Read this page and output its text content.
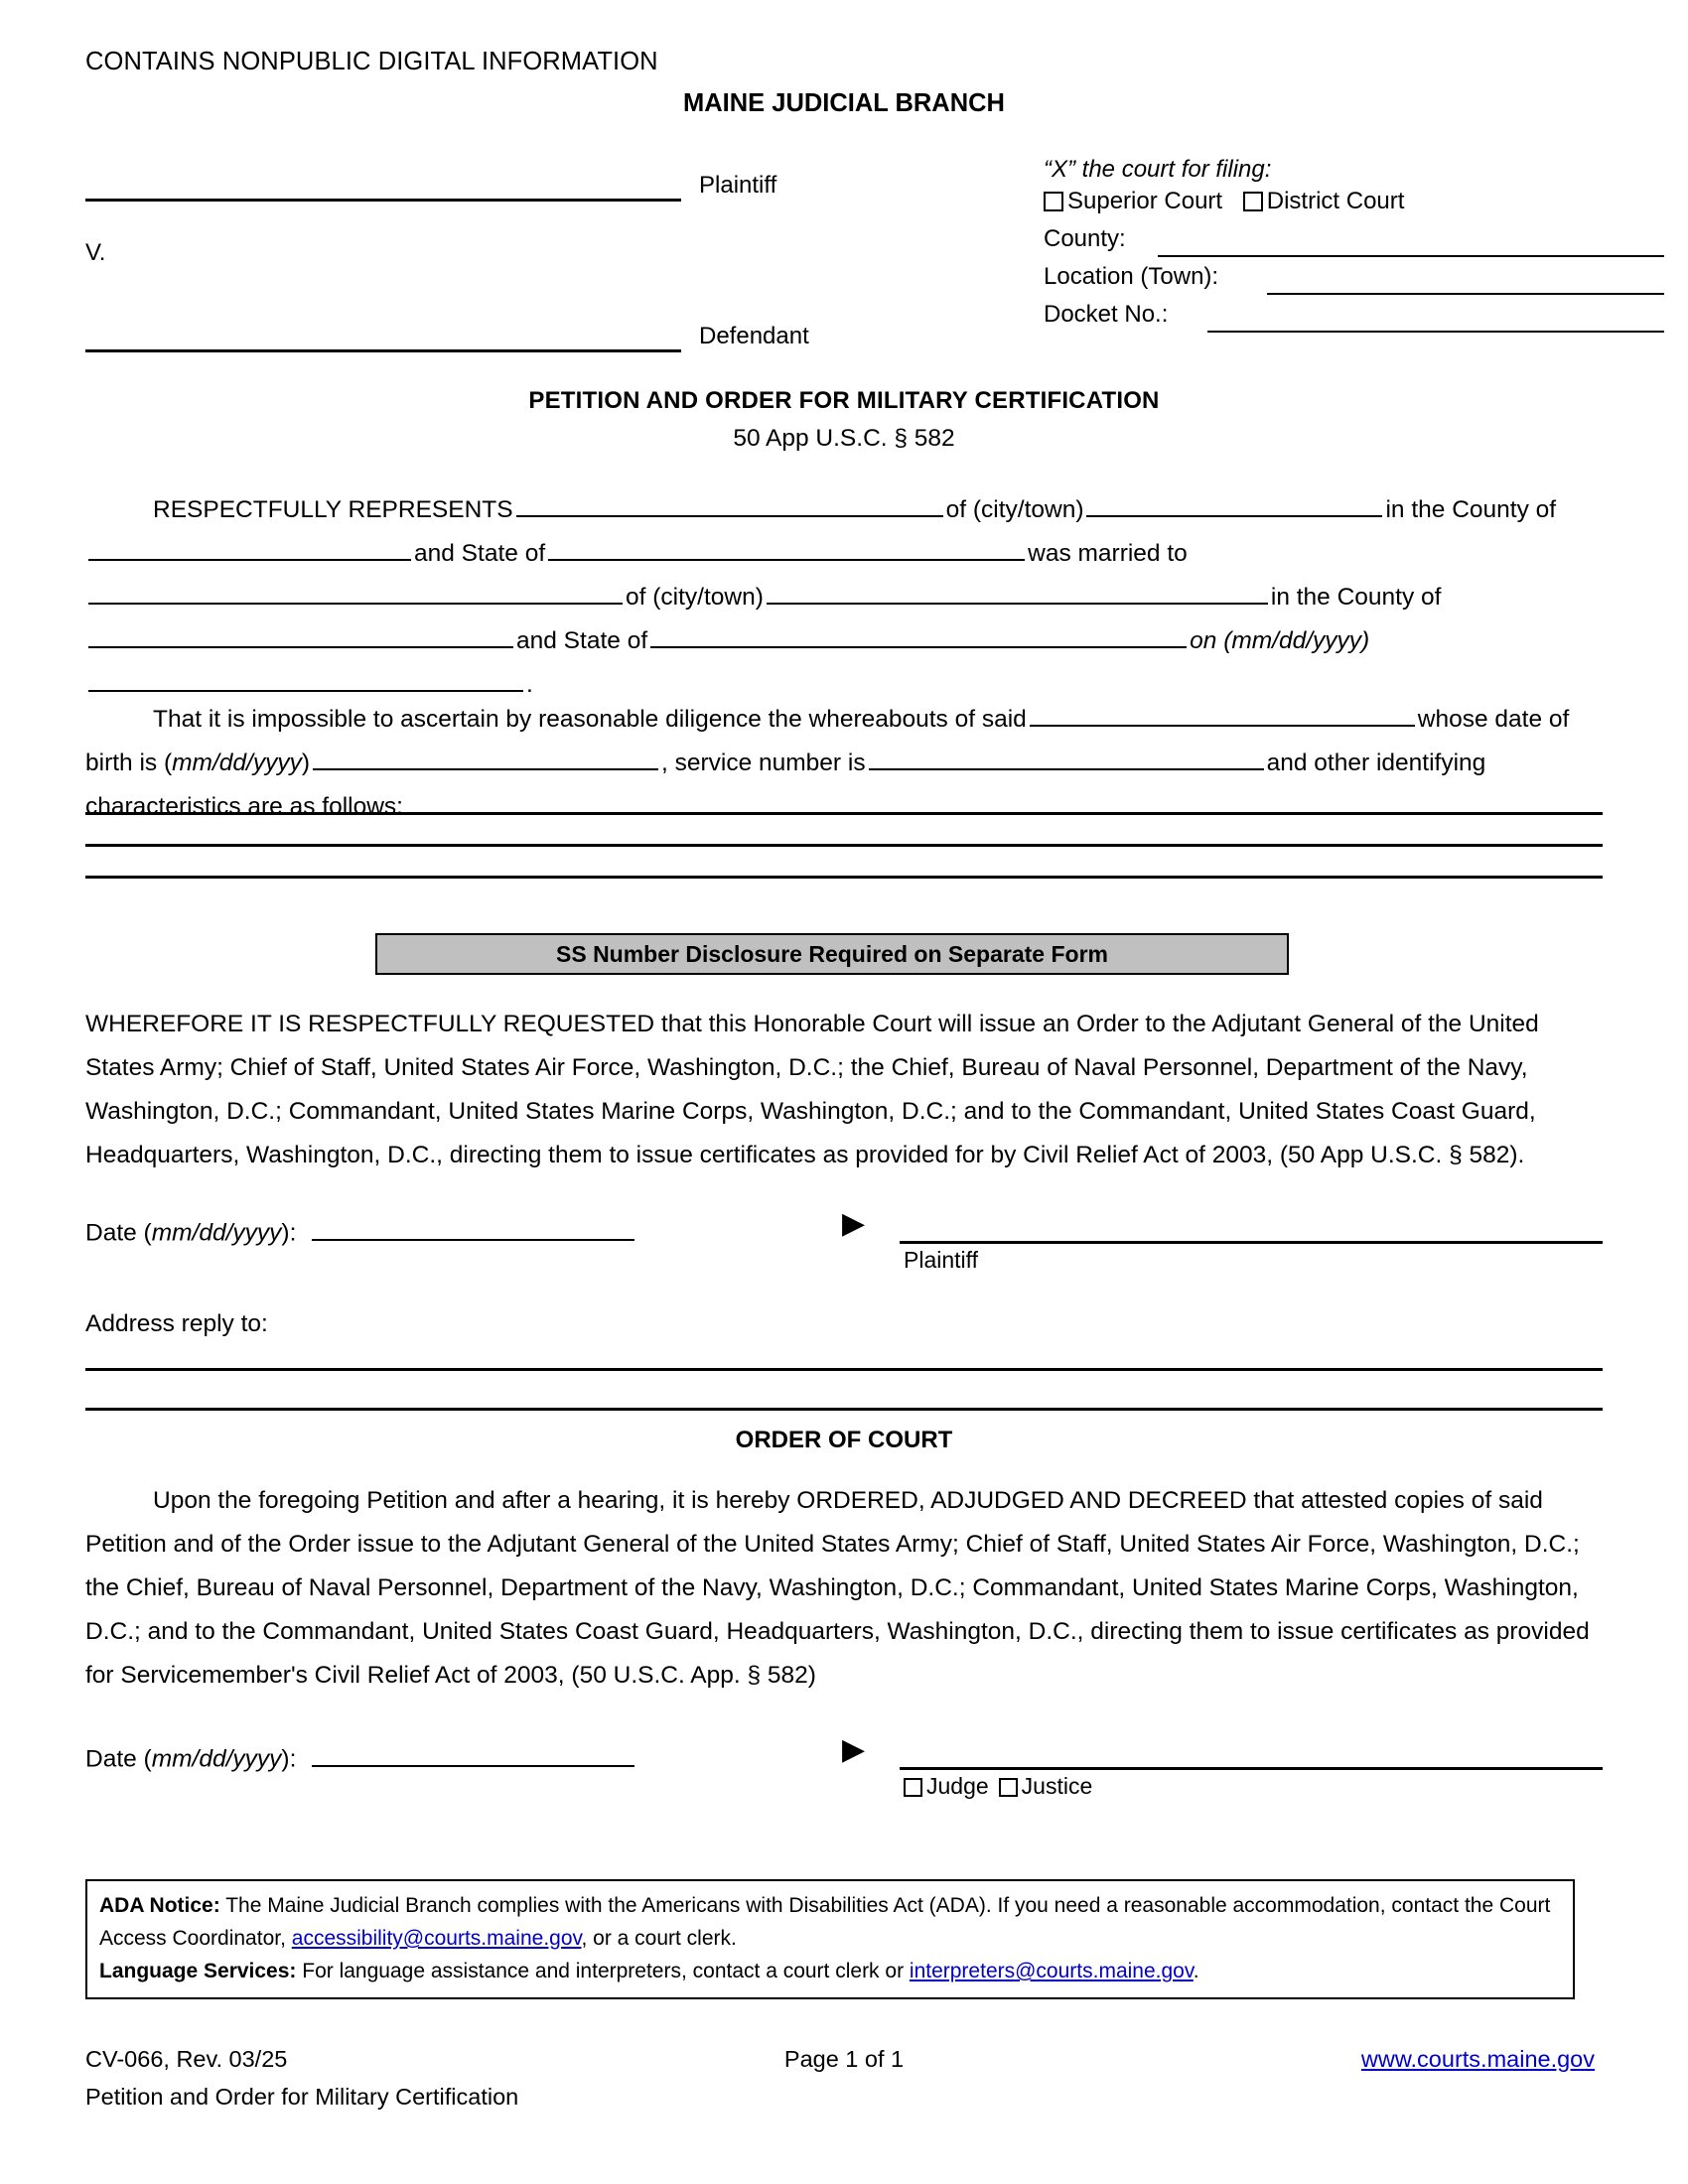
CONTAINS NONPUBLIC DIGITAL INFORMATION
MAINE JUDICIAL BRANCH
Plaintiff
V.
Defendant
“X” the court for filing:
Superior Court District Court
County:
Location (Town):
Docket No.:
PETITION AND ORDER FOR MILITARY CERTIFICATION
50 App U.S.C. § 582
RESPECTFULLY REPRESENTS	of (city/town)	in the County ofand State of	was married toof (city/town)	in the County ofand State of	on (mm/dd/yyyy).
That it is impossible to ascertain by reasonable diligence the whereabouts of said	whose date of birth is (mm/dd/yyyy)	, service number is	and other identifying characteristics are as follows:
SS Number Disclosure Required on Separate Form
WHEREFORE IT IS RESPECTFULLY REQUESTED that this Honorable Court will issue an Order to the Adjutant General of the United States Army; Chief of Staff, United States Air Force, Washington, D.C.; the Chief, Bureau of Naval Personnel, Department of the Navy, Washington, D.C.; Commandant, United States Marine Corps, Washington, D.C.; and to the Commandant, United States Coast Guard, Headquarters, Washington, D.C., directing them to issue certificates as provided for by Civil Relief Act of 2003, (50 App U.S.C. § 582).
Date (mm/dd/yyyy):	▶
Plaintiff
Address reply to:
ORDER OF COURT
Upon the foregoing Petition and after a hearing, it is hereby ORDERED, ADJUDGED AND DECREED that attested copies of said Petition and of the Order issue to the Adjutant General of the United States Army; Chief of Staff, United States Air Force, Washington, D.C.; the Chief, Bureau of Naval Personnel, Department of the Navy, Washington, D.C.; Commandant, United States Marine Corps, Washington, D.C.; and to the Commandant, United States Coast Guard, Headquarters, Washington, D.C., directing them to issue certificates as provided for Servicemember's Civil Relief Act of 2003, (50 U.S.C. App. § 582)
Date (mm/dd/yyyy):	▶
Judge Justice
ADA Notice: The Maine Judicial Branch complies with the Americans with Disabilities Act (ADA). If you need a reasonable accommodation, contact the Court Access Coordinator, accessibility@courts.maine.gov, or a court clerk.
Language Services: For language assistance and interpreters, contact a court clerk or interpreters@courts.maine.gov.
CV-066, Rev. 03/25	Page 1 of 1	www.courts.maine.gov
Petition and Order for Military Certification
